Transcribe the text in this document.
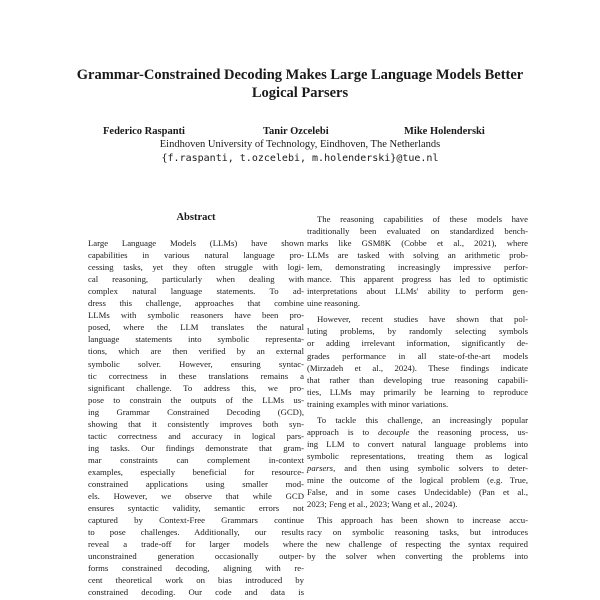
Grammar-Constrained Decoding Makes Large Language Models Better
Logical Parsers
Federico Raspanti	Tanir Ozcelebi	Mike Holenderski
Eindhoven University of Technology, Eindhoven, The Netherlands
{f.raspanti, t.ozcelebi, m.holenderski}@tue.nl
Abstract
Large Language Models (LLMs) have shown
capabilities in various natural language pro-
cessing tasks, yet they often struggle with logi-
cal reasoning, particularly when dealing with
complex natural language statements. To ad-
dress this challenge, approaches that combine
LLMs with symbolic reasoners have been pro-
posed, where the LLM translates the natural
language statements into symbolic representa-
tions, which are then verified by an external
symbolic solver. However, ensuring syntac-
tic correctness in these translations remains a
significant challenge. To address this, we pro-
pose to constrain the outputs of the LLMs us-
ing Grammar Constrained Decoding (GCD),
showing that it consistently improves both syn-
tactic correctness and accuracy in logical pars-
ing tasks. Our findings demonstrate that gram-
mar constraints can complement in-context
examples, especially beneficial for resource-
constrained applications using smaller mod-
els. However, we observe that while GCD
ensures syntactic validity, semantic errors not
captured by Context-Free Grammars continue
to pose challenges. Additionally, our results
reveal a trade-off for larger models where
unconstrained generation occasionally outper-
forms constrained decoding, aligning with re-
cent theoretical work on bias introduced by
constrained decoding. Our code and data is
The reasoning capabilities of these models have
traditionally been evaluated on standardized bench-
marks like GSM8K (Cobbe et al., 2021), where
LLMs are tasked with solving an arithmetic prob-
lem, demonstrating increasingly impressive perfor-
mance. This apparent progress has led to optimistic
interpretations about LLMs' ability to perform gen-
uine reasoning.
However, recent studies have shown that pol-
luting problems, by randomly selecting symbols
or adding irrelevant information, significantly de-
grades performance in all state-of-the-art models
(Mirzadeh et al., 2024). These findings indicate
that rather than developing true reasoning capabili-
ties, LLMs may primarily be learning to reproduce
training examples with minor variations.
To tackle this challenge, an increasingly popular
approach is to decouple the reasoning process, us-
ing LLM to convert natural language problems into
symbolic representations, treating them as logical
parsers, and then using symbolic solvers to deter-
mine the outcome of the logical problem (e.g. True,
False, and in some cases Undecidable) (Pan et al.,
2023; Feng et al., 2023; Wang et al., 2024).
This approach has been shown to increase accu-
racy on symbolic reasoning tasks, but introduces
the new challenge of respecting the syntax required
by the solver when converting the problems into
